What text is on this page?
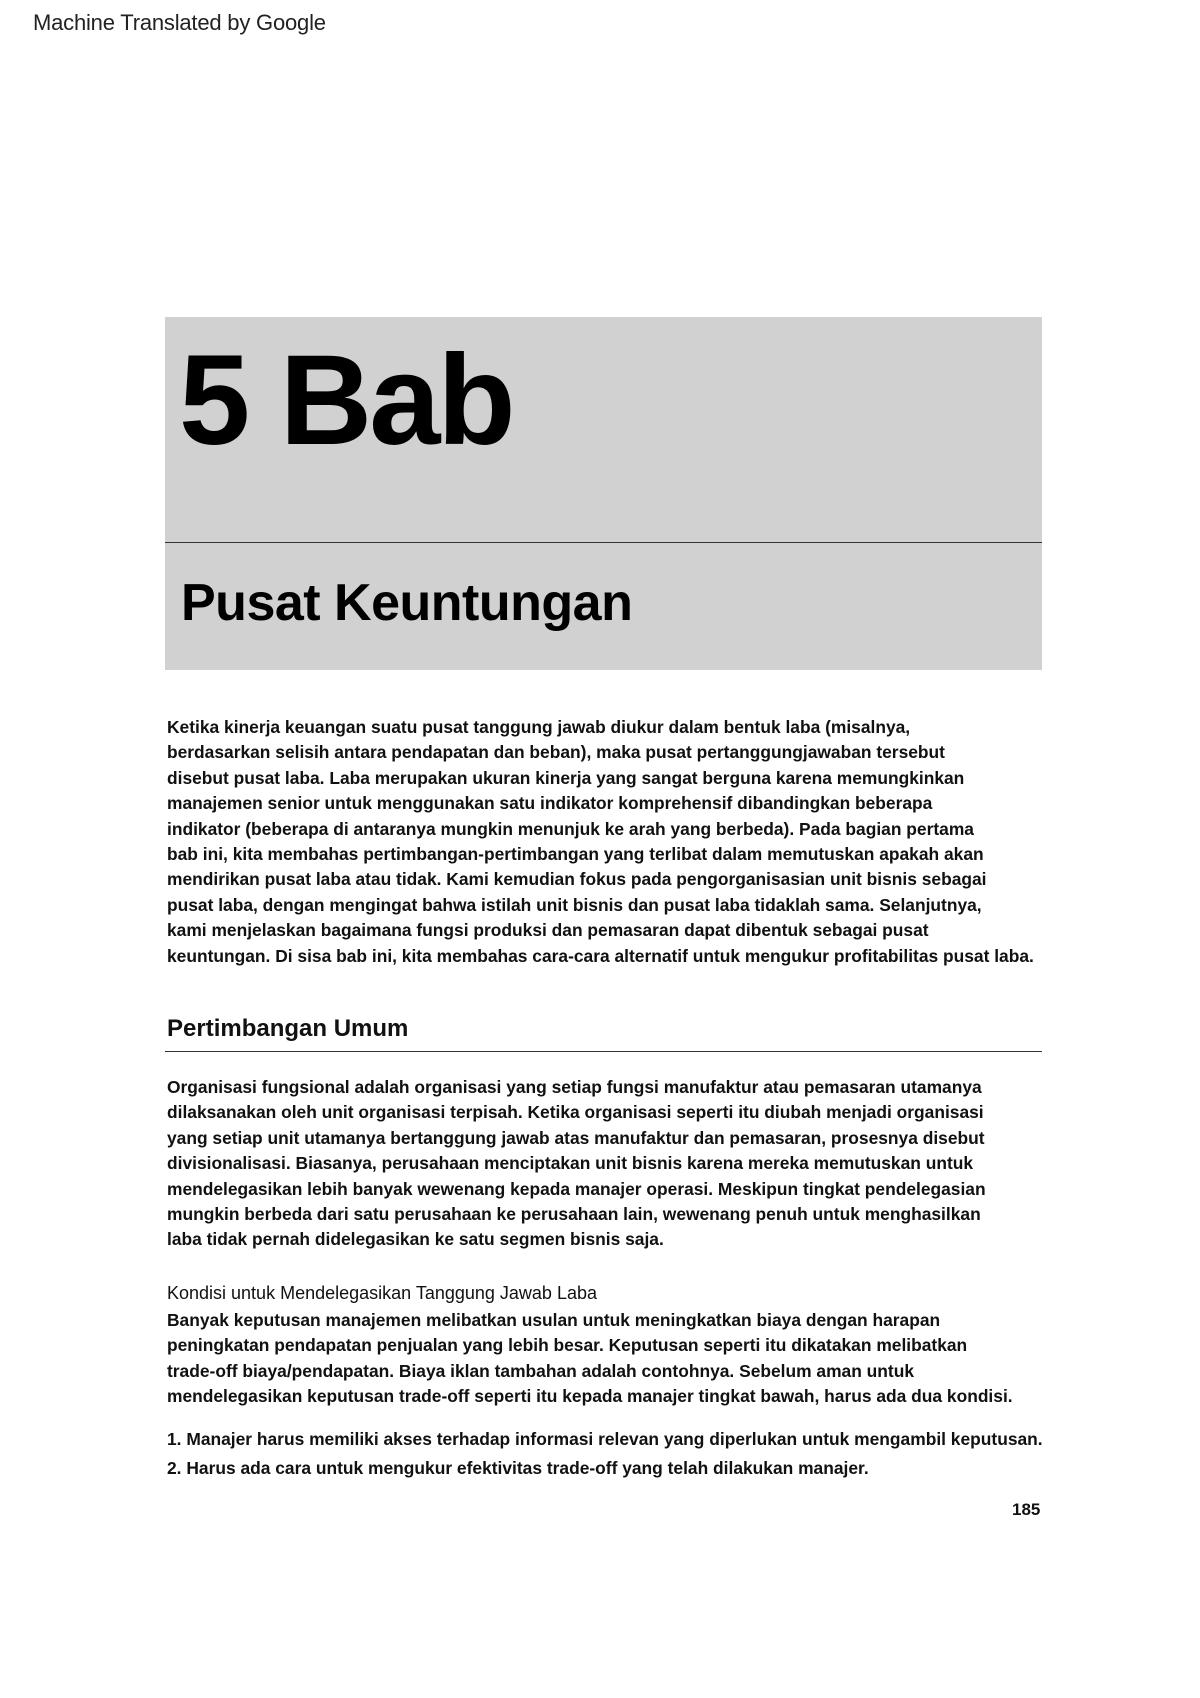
Machine Translated by Google
5 Bab
Pusat Keuntungan
Ketika kinerja keuangan suatu pusat tanggung jawab diukur dalam bentuk laba (misalnya,
berdasarkan selisih antara pendapatan dan beban), maka pusat pertanggungjawaban tersebut
disebut pusat laba. Laba merupakan ukuran kinerja yang sangat berguna karena memungkinkan
manajemen senior untuk menggunakan satu indikator komprehensif dibandingkan beberapa
indikator (beberapa di antaranya mungkin menunjuk ke arah yang berbeda). Pada bagian pertama
bab ini, kita membahas pertimbangan-pertimbangan yang terlibat dalam memutuskan apakah akan
mendirikan pusat laba atau tidak. Kami kemudian fokus pada pengorganisasian unit bisnis sebagai
pusat laba, dengan mengingat bahwa istilah unit bisnis dan pusat laba tidaklah sama. Selanjutnya,
kami menjelaskan bagaimana fungsi produksi dan pemasaran dapat dibentuk sebagai pusat
keuntungan. Di sisa bab ini, kita membahas cara-cara alternatif untuk mengukur profitabilitas pusat laba.
Pertimbangan Umum
Organisasi fungsional adalah organisasi yang setiap fungsi manufaktur atau pemasaran utamanya
dilaksanakan oleh unit organisasi terpisah. Ketika organisasi seperti itu diubah menjadi organisasi
yang setiap unit utamanya bertanggung jawab atas manufaktur dan pemasaran, prosesnya disebut
divisionalisasi. Biasanya, perusahaan menciptakan unit bisnis karena mereka memutuskan untuk
mendelegasikan lebih banyak wewenang kepada manajer operasi. Meskipun tingkat pendelegasian
mungkin berbeda dari satu perusahaan ke perusahaan lain, wewenang penuh untuk menghasilkan
laba tidak pernah didelegasikan ke satu segmen bisnis saja.
Kondisi untuk Mendelegasikan Tanggung Jawab Laba
Banyak keputusan manajemen melibatkan usulan untuk meningkatkan biaya dengan harapan
peningkatan pendapatan penjualan yang lebih besar. Keputusan seperti itu dikatakan melibatkan
trade-off biaya/pendapatan. Biaya iklan tambahan adalah contohnya. Sebelum aman untuk
mendelegasikan keputusan trade-off seperti itu kepada manajer tingkat bawah, harus ada dua kondisi.
1. Manajer harus memiliki akses terhadap informasi relevan yang diperlukan untuk mengambil keputusan.
2. Harus ada cara untuk mengukur efektivitas trade-off yang telah dilakukan manajer.
185
